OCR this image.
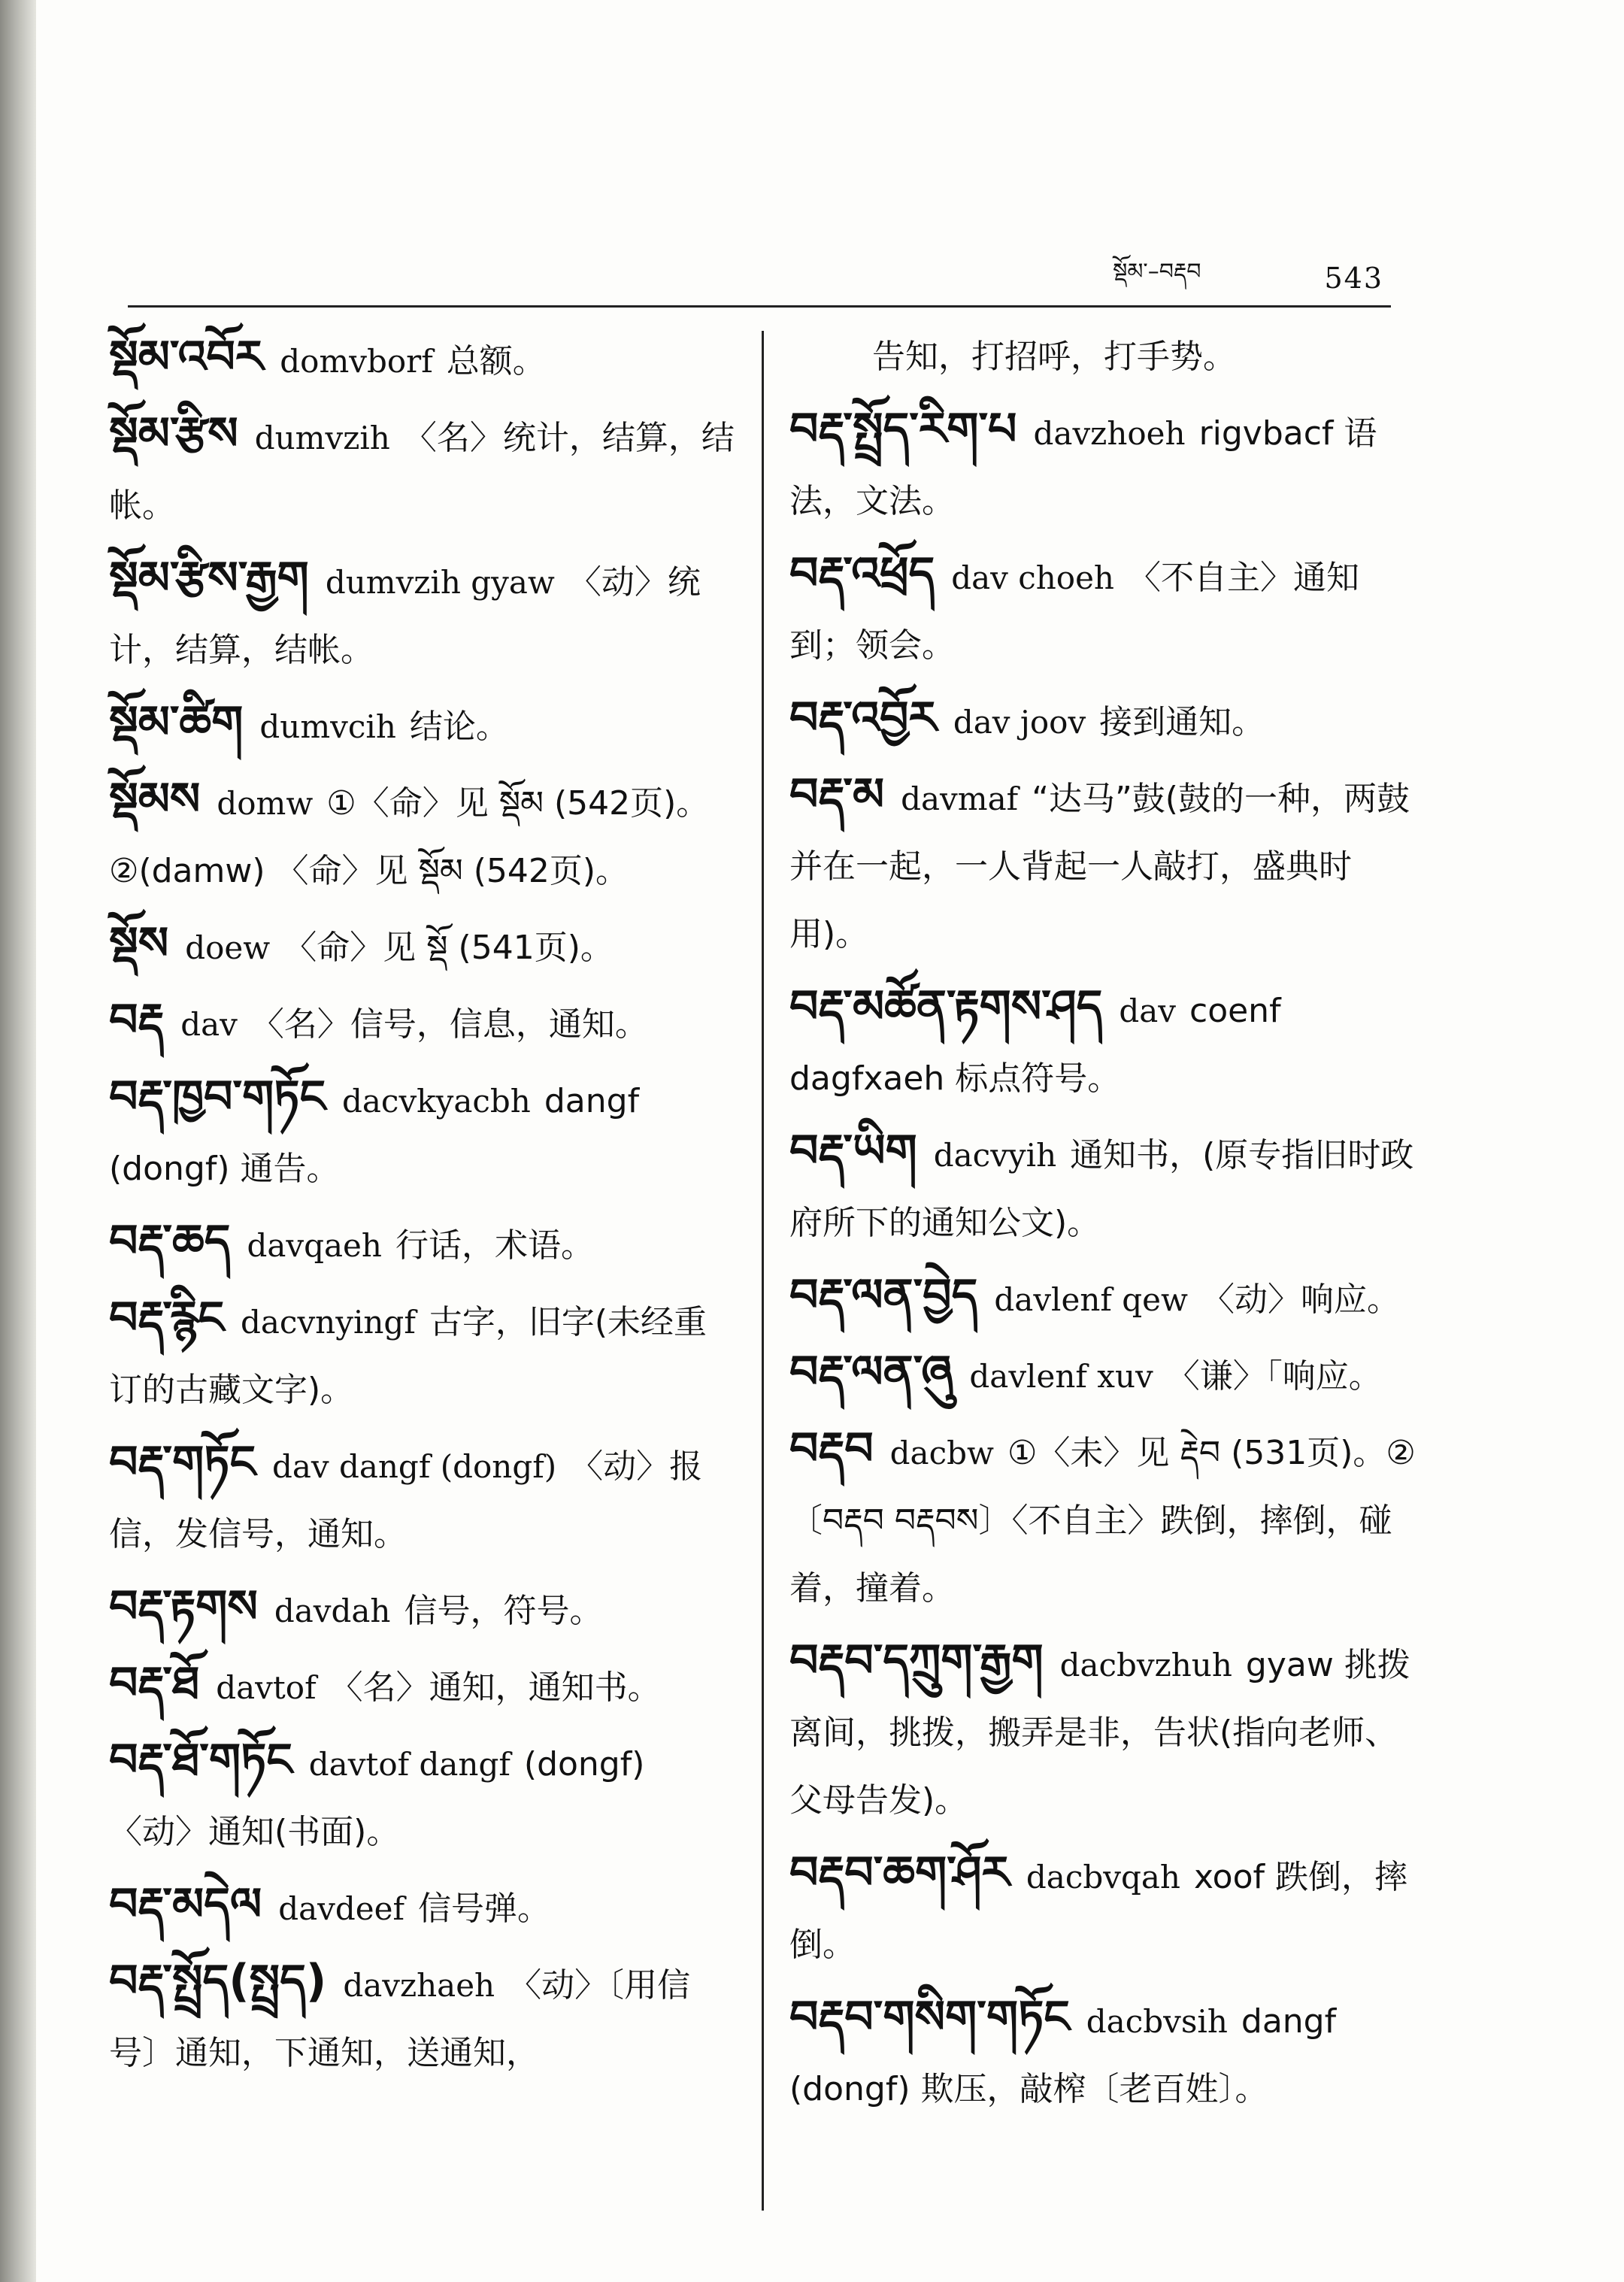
སྡོམ་–བརྡབ	543
སྡོམ་འབོར domvborf 总额。
སྡོམ་རྩིས dumvzih 〈名〉统计，结算，结帐。
སྡོམ་རྩིས་རྒྱག dumvzih gyaw 〈动〉统计，结算，结帐。
སྡོམ་ཚིག dumvcih 结论。
སྡོམས domw ①〈命〉见 སྡོམ (542页)。②(damw) 〈命〉见 སྡོམ (542页)。
སྡོས doew 〈命〉见 སྡོ (541页)。
བརྡ dav 〈名〉信号，信息，通知。
བརྡ་ཁྱབ་གཏོང dacvkyacbh dangf (dongf) 通告。
བརྡ་ཆད davqaeh 行话，术语。
བརྡ་རྙིང dacvnyingf 古字，旧字(未经重订的古藏文字)。
བརྡ་གཏོང dav dangf (dongf) 〈动〉报信，发信号，通知。
བརྡ་རྟགས davdah 信号，符号。
བརྡ་ཐོ davtof 〈名〉通知，通知书。
བརྡ་ཐོ་གཏོང davtof dangf (dongf) 〈动〉通知(书面)。
བརྡ་མདེལ davdeef 信号弹。
བརྡ་སྤྲོད(སྤྲད) davzhaeh 〈动〉〔用信号〕通知，下通知，送通知，
告知，打招呼，打手势。
བརྡ་སྤྲོད་རིག་པ davzhoeh rigvbacf 语法，文法。
བརྡ་འཕྲོད dav choeh 〈不自主〉通知到；领会。
བརྡ་འབྱོར dav joov 接到通知。
བརྡ་མ davmaf “达马”鼓(鼓的一种，两鼓并在一起，一人背起一人敲打，盛典时用)。
བརྡ་མཚོན་རྟགས་ཤད dav coenf dagfxaeh 标点符号。
བརྡ་ཡིག dacvyih 通知书，(原专指旧时政府所下的通知公文)。
བརྡ་ལན་བྱེད davlenf qew 〈动〉响应。
བརྡ་ལན་ཞུ davlenf xuv 〈谦〉「响应。
བརྡབ dacbw ①〈未〉见 རྡེབ (531页)。②〔བརྡབ བརྡབས〕〈不自主〉跌倒，摔倒，碰着，撞着。
བརྡབ་དཀྲུག་རྒྱག dacbvzhuh gyaw 挑拨离间，挑拨，搬弄是非，告状(指向老师、父母告发)。
བརྡབ་ཆག་ཤོར dacbvqah xoof 跌倒，摔倒。
བརྡབ་གསིག་གཏོང dacbvsih dangf (dongf) 欺压，敲榨〔老百姓〕。
